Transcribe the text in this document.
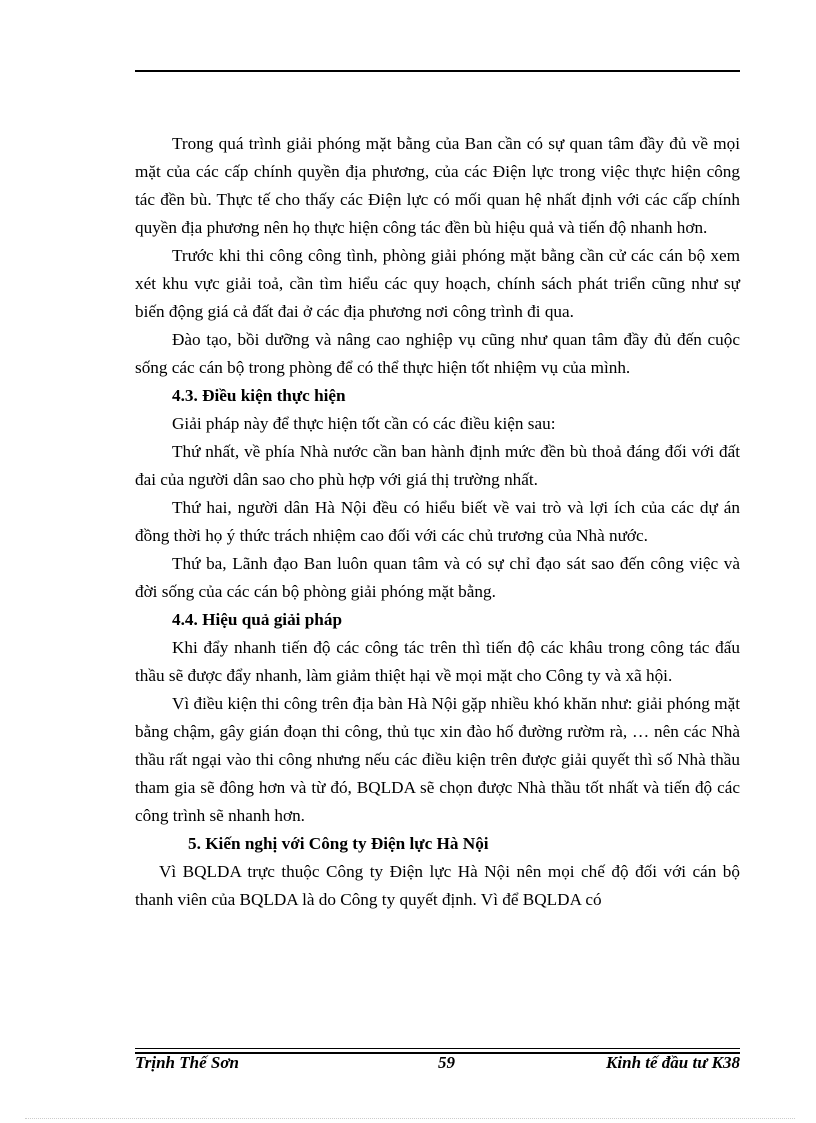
Trong quá trình giải phóng mặt bằng của Ban cần có sự quan tâm đầy đủ về mọi mặt của các cấp chính quyền địa phương, của các Điện lực trong việc thực hiện công tác đền bù. Thực tế cho thấy các Điện lực có mối quan hệ nhất định với các cấp chính quyền địa phương nên họ thực hiện công tác đền bù hiệu quả và tiến độ nhanh hơn.

Trước khi thi công công tình, phòng giải phóng mặt bằng cần cử các cán bộ xem xét khu vực giải toả, cần tìm hiểu các quy hoạch, chính sách phát triển cũng như sự biến động giá cả đất đai ở các địa phương nơi công trình đi qua.

Đào tạo, bồi dưỡng và nâng cao nghiệp vụ cũng như quan tâm đầy đủ đến cuộc sống các cán bộ trong phòng để có thể thực hiện tốt nhiệm vụ của mình.

4.3. Điều kiện thực hiện

Giải pháp này để thực hiện tốt cần có các điều kiện sau:

Thứ nhất, về phía Nhà nước cần ban hành định mức đền bù thoả đáng đối với đất đai của người dân sao cho phù hợp với giá thị trường nhất.

Thứ hai, người dân Hà Nội đều có hiểu biết về vai trò và lợi ích của các dự án đồng thời họ ý thức trách nhiệm cao đối với các chủ trương của Nhà nước.

Thứ ba, Lãnh đạo Ban luôn quan tâm và có sự chỉ đạo sát sao đến công việc và đời sống của các cán bộ phòng giải phóng mặt bằng.

4.4. Hiệu quả giải pháp

Khi đẩy nhanh tiến độ các công tác trên thì tiến độ các khâu trong công tác đấu thầu sẽ được đẩy nhanh, làm giảm thiệt hại về mọi mặt cho Công ty và xã hội.

Vì điều kiện thi công trên địa bàn Hà Nội gặp nhiều khó khăn như: giải phóng mặt bằng chậm, gây gián đoạn thi công, thủ tục xin đào hố đường rườm rà, … nên các Nhà thầu rất ngại vào thi công nhưng nếu các điều kiện trên được giải quyết thì số Nhà thầu tham gia sẽ đông hơn và từ đó, BQLDA sẽ chọn được Nhà thầu tốt nhất và tiến độ các công trình sẽ nhanh hơn.

5. Kiến nghị với Công ty Điện lực Hà Nội

Vì BQLDA trực thuộc Công ty Điện lực Hà Nội nên mọi chế độ đối với cán bộ thanh viên của BQLDA là do Công ty quyết định. Vì để BQLDA có

Trịnh Thế Sơn	59	Kinh tế đầu tư K38
